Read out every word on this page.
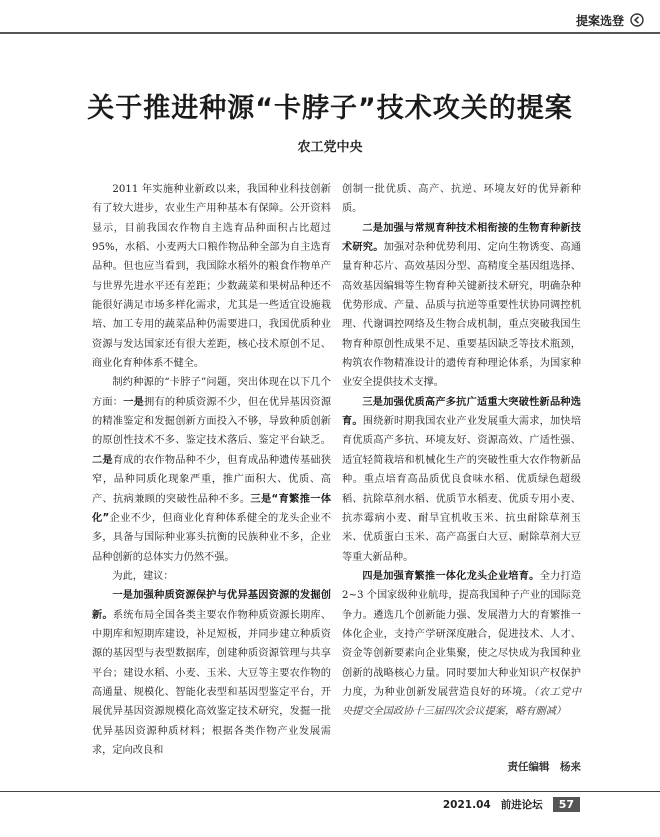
提案选登
关于推进种源“卡脖子”技术攻关的提案
农工党中央

2011 年实施种业新政以来，我国种业科技创新有了较大进步，农业生产用种基本有保障。公开资料显示，目前我国农作物自主选育品种面积占比超过 95%，水稻、小麦两大口粮作物品种全部为自主选育品种。但也应当看到，我国除水稻外的粮食作物单产与世界先进水平还有差距；少数蔬菜和果树品种还不能很好满足市场多样化需求，尤其是一些适宜设施栽培、加工专用的蔬菜品种仍需要进口，我国优质种业资源与发达国家还有很大差距，核心技术原创不足、商业化育种体系不健全。

制约种源的“卡脖子”问题，突出体现在以下几个方面：一是拥有的种质资源不少，但在优异基因资源的精准鉴定和发掘创新方面投入不够，导致种质创新的原创性技术不多、鉴定技术落后、鉴定平台缺乏。二是育成的农作物品种不少，但育成品种遗传基础狭窄，品种同质化现象严重，推广面积大、优质、高产、抗病兼顾的突破性品种不多。三是“育繁推一体化”企业不少，但商业化育种体系健全的龙头企业不多，具备与国际种业寡头抗衡的民族种业不多，企业品种创新的总体实力仍然不强。

为此，建议：

一是加强种质资源保护与优异基因资源的发掘创新。系统布局全国各类主要农作物种质资源长期库、中期库和短期库建设，补足短板，并同步建立种质资源的基因型与表型数据库，创建种质资源管理与共享平台；建设水稻、小麦、玉米、大豆等主要农作物的高通量、规模化、智能化表型和基因型鉴定平台，开展优异基因资源规模化高效鉴定技术研究，发掘一批优异基因资源种质材料；根据各类作物产业发展需求，定向改良和

创制一批优质、高产、抗逆、环境友好的优异新种质。

二是加强与常规育种技术相衔接的生物育种新技术研究。加强对杂种优势利用、定向生物诱变、高通量育种芯片、高效基因分型、高精度全基因组选择、高效基因编辑等生物育种关键新技术研究，明确杂种优势形成、产量、品质与抗逆等重要性状协同调控机理、代谢调控网络及生物合成机制，重点突破我国生物育种原创性成果不足、重要基因缺乏等技术瓶颈，构筑农作物精准设计的遗传育种理论体系，为国家种业安全提供技术支撑。

三是加强优质高产多抗广适重大突破性新品种选育。围绕新时期我国农业产业发展重大需求，加快培育优质高产多抗、环境友好、资源高效、广适性强、适宜轻简栽培和机械化生产的突破性重大农作物新品种。重点培育高品质优良食味水稻、优质绿色超级稻、抗除草剂水稻、优质节水稻麦、优质专用小麦、抗赤霉病小麦、耐旱宜机收玉米、抗虫耐除草剂玉米、优质蛋白玉米、高产高蛋白大豆、耐除草剂大豆等重大新品种。

四是加强育繁推一体化龙头企业培育。全力打造 2~3 个国家级种业航母，提高我国种子产业的国际竞争力。遴选几个创新能力强、发展潜力大的育繁推一体化企业，支持产学研深度融合，促进技术、人才、资金等创新要素向企业集聚，使之尽快成为我国种业创新的战略核心力量。同时要加大种业知识产权保护力度，为种业创新发展营造良好的环境。（农工党中央提交全国政协十三届四次会议提案，略有删减）

责任编辑　杨来
2021.04 前进论坛	57
